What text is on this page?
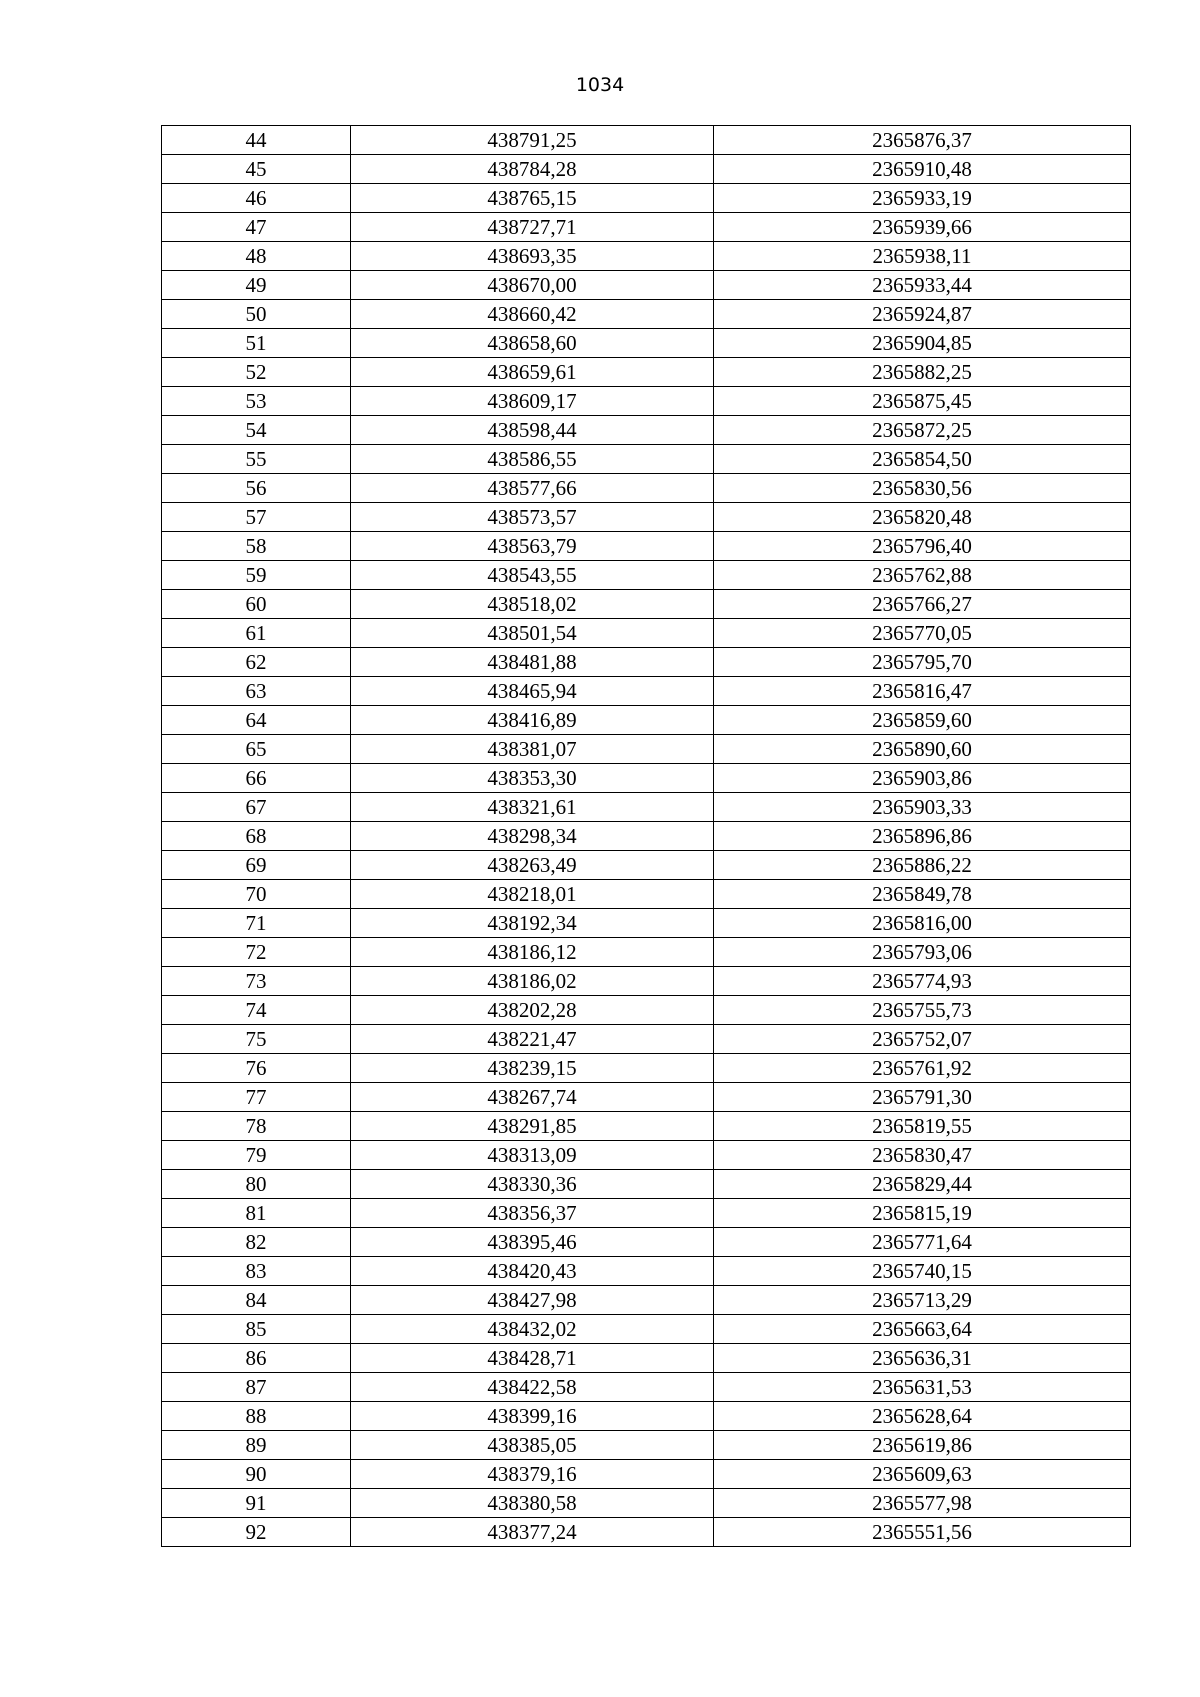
1034
44	438791,25	2365876,37
45	438784,28	2365910,48
46	438765,15	2365933,19
47	438727,71	2365939,66
48	438693,35	2365938,11
49	438670,00	2365933,44
50	438660,42	2365924,87
51	438658,60	2365904,85
52	438659,61	2365882,25
53	438609,17	2365875,45
54	438598,44	2365872,25
55	438586,55	2365854,50
56	438577,66	2365830,56
57	438573,57	2365820,48
58	438563,79	2365796,40
59	438543,55	2365762,88
60	438518,02	2365766,27
61	438501,54	2365770,05
62	438481,88	2365795,70
63	438465,94	2365816,47
64	438416,89	2365859,60
65	438381,07	2365890,60
66	438353,30	2365903,86
67	438321,61	2365903,33
68	438298,34	2365896,86
69	438263,49	2365886,22
70	438218,01	2365849,78
71	438192,34	2365816,00
72	438186,12	2365793,06
73	438186,02	2365774,93
74	438202,28	2365755,73
75	438221,47	2365752,07
76	438239,15	2365761,92
77	438267,74	2365791,30
78	438291,85	2365819,55
79	438313,09	2365830,47
80	438330,36	2365829,44
81	438356,37	2365815,19
82	438395,46	2365771,64
83	438420,43	2365740,15
84	438427,98	2365713,29
85	438432,02	2365663,64
86	438428,71	2365636,31
87	438422,58	2365631,53
88	438399,16	2365628,64
89	438385,05	2365619,86
90	438379,16	2365609,63
91	438380,58	2365577,98
92	438377,24	2365551,56
